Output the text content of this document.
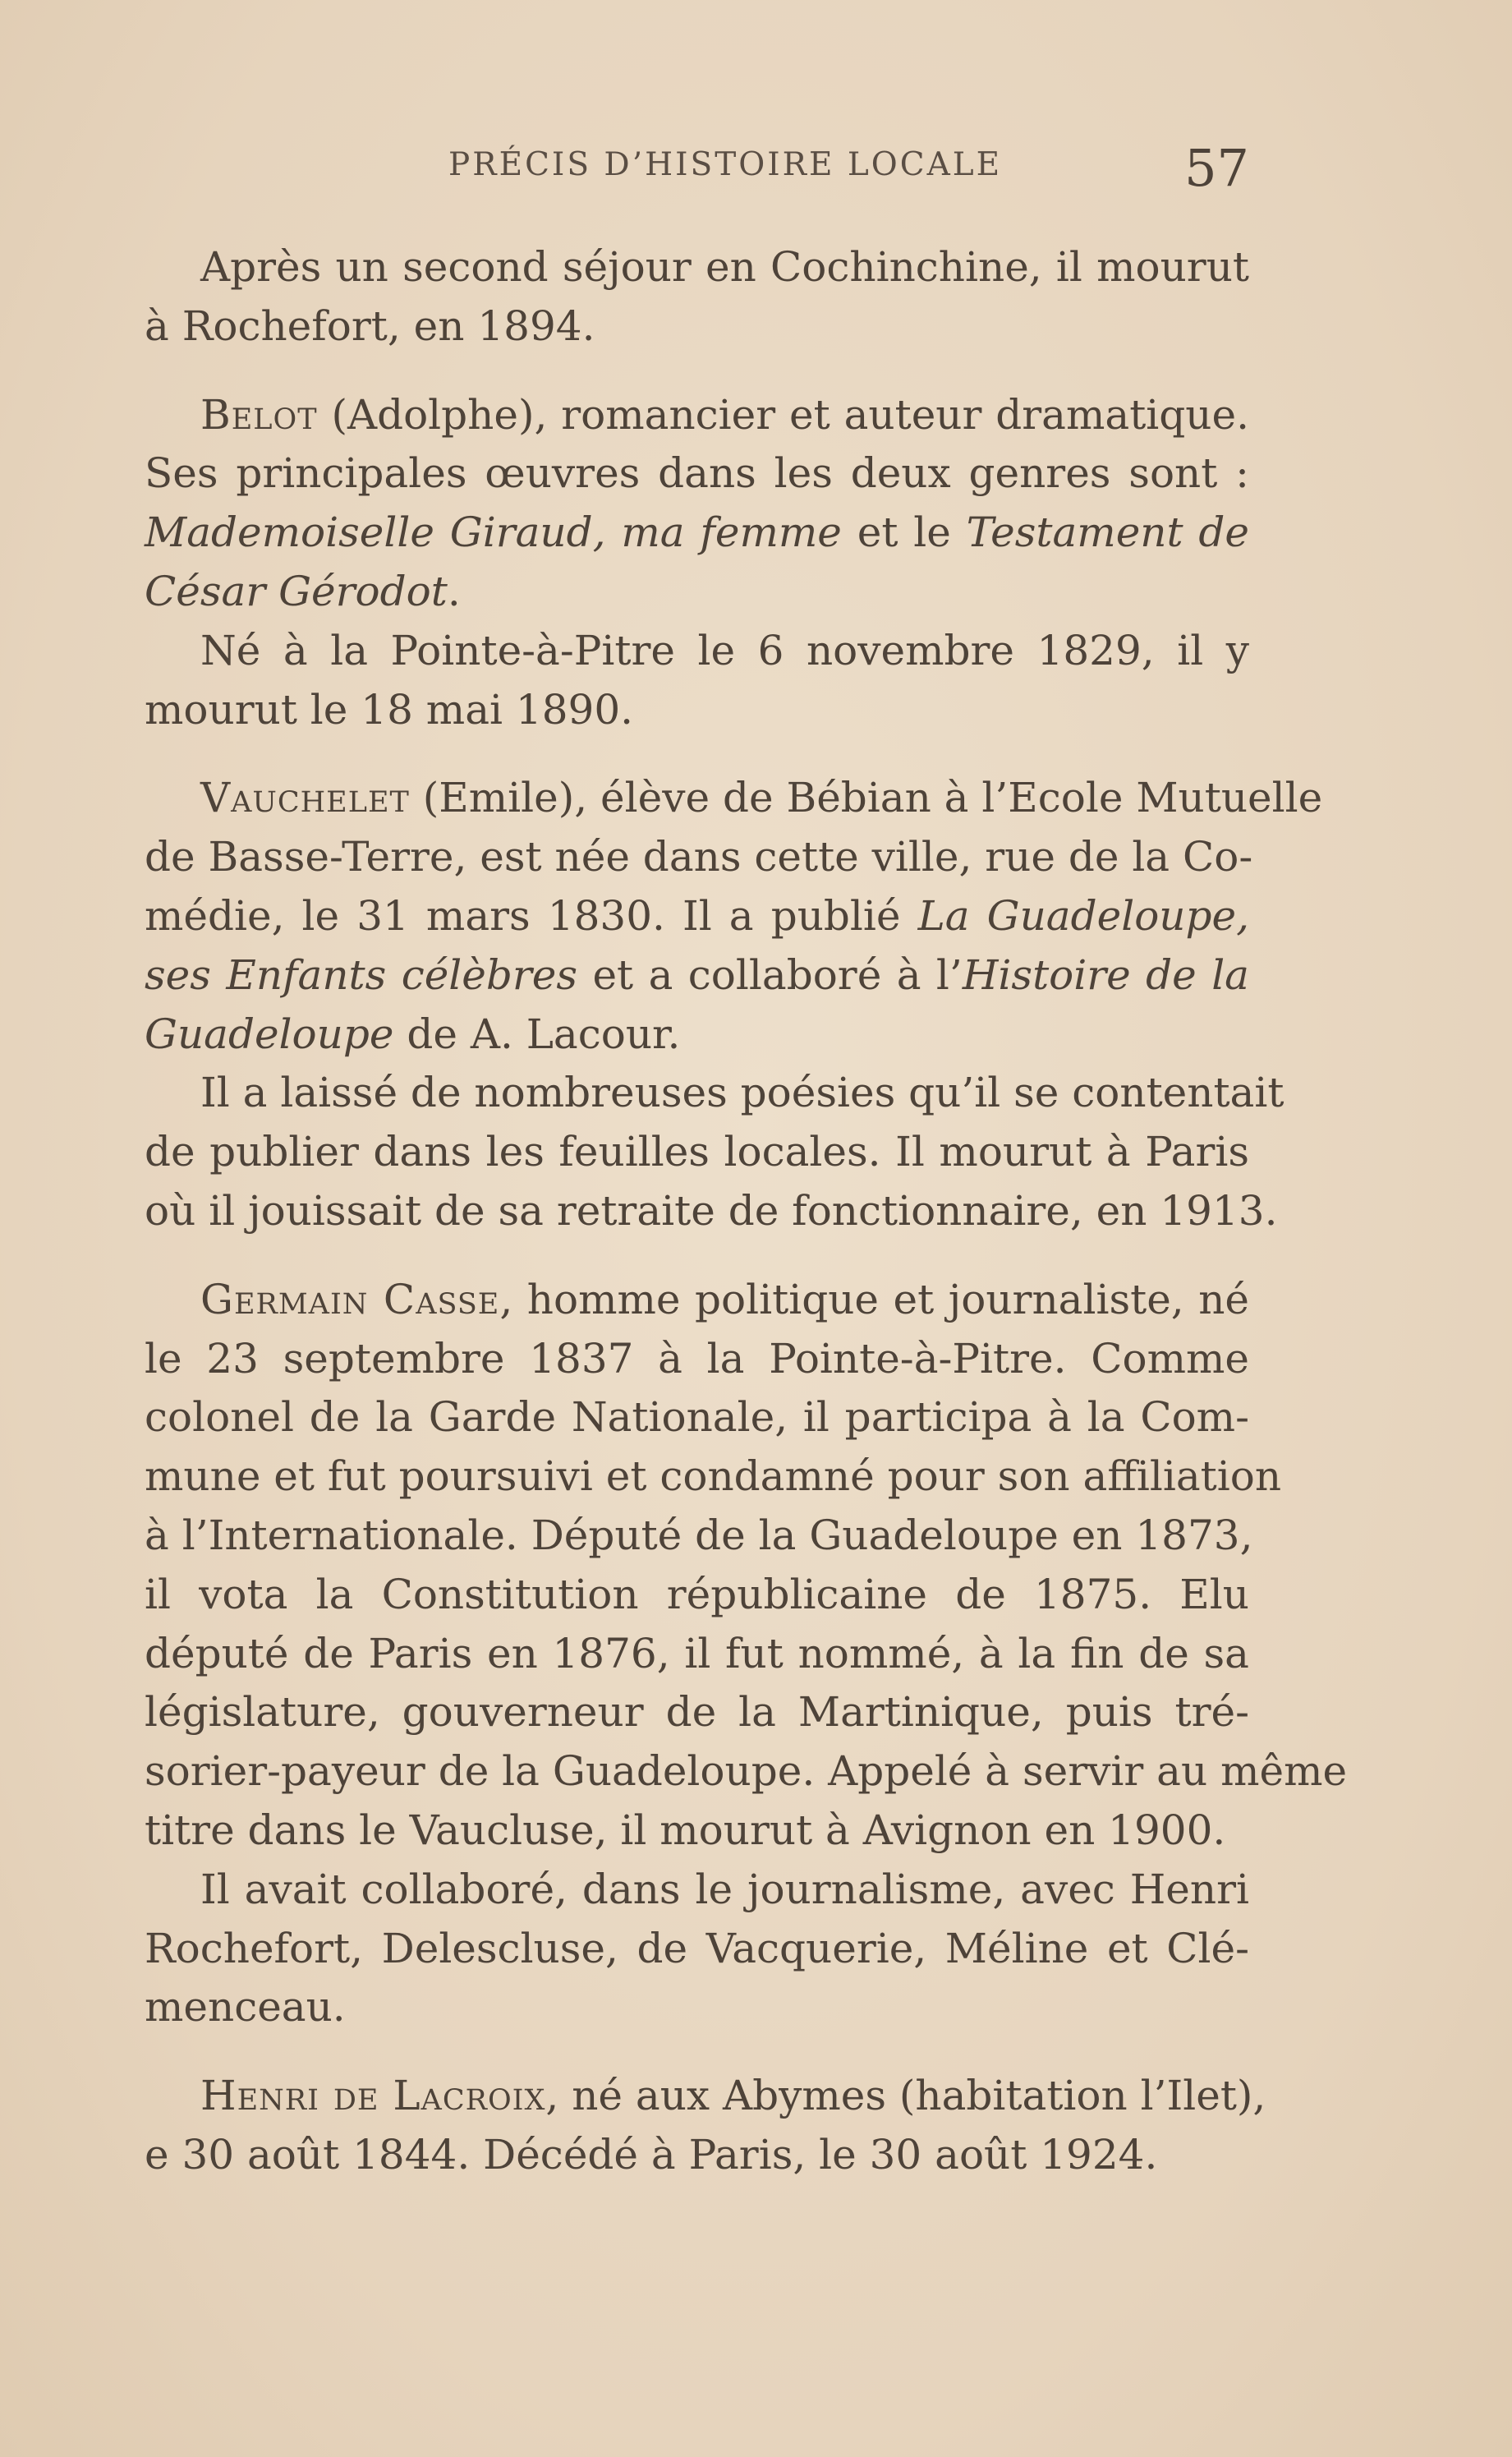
PRÉCIS D’HISTOIRE LOCALE	57
Après un second séjour en Cochinchine, il mourut
à Rochefort, en 1894.
Belot (Adolphe), romancier et auteur dramatique.
Ses principales œuvres dans les deux genres sont :
Mademoiselle Giraud, ma femme et le Testament de
César Gérodot.
Né à la Pointe-à-Pitre le 6 novembre 1829, il y
mourut le 18 mai 1890.
Vauchelet (Emile), élève de Bébian à l’Ecole Mutuelle
de Basse-Terre, est née dans cette ville, rue de la Co-
médie, le 31 mars 1830. Il a publié La Guadeloupe,
ses Enfants célèbres et a collaboré à l’Histoire de la
Guadeloupe de A. Lacour.
Il a laissé de nombreuses poésies qu’il se contentait
de publier dans les feuilles locales. Il mourut à Paris
où il jouissait de sa retraite de fonctionnaire, en 1913.
Germain Casse, homme politique et journaliste, né
le 23 septembre 1837 à la Pointe-à-Pitre. Comme
colonel de la Garde Nationale, il participa à la Com-
mune et fut poursuivi et condamné pour son affiliation
à l’Internationale. Député de la Guadeloupe en 1873,
il vota la Constitution républicaine de 1875. Elu
député de Paris en 1876, il fut nommé, à la fin de sa
législature, gouverneur de la Martinique, puis tré-
sorier-payeur de la Guadeloupe. Appelé à servir au même
titre dans le Vaucluse, il mourut à Avignon en 1900.
Il avait collaboré, dans le journalisme, avec Henri
Rochefort, Delescluse, de Vacquerie, Méline et Clé-
menceau.
Henri de Lacroix, né aux Abymes (habitation l’Ilet),
e 30 août 1844. Décédé à Paris, le 30 août 1924.
